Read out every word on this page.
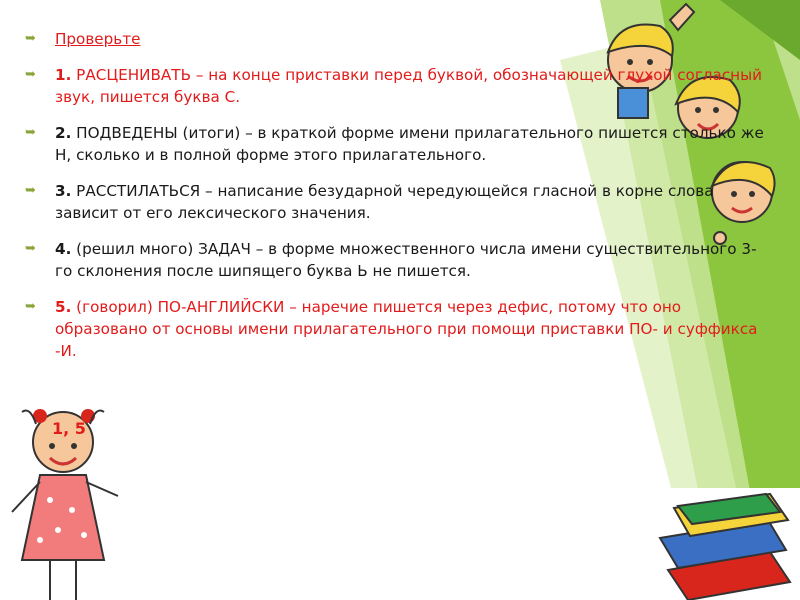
➥ Проверьте
➥ 1. РАСЦЕНИВАТЬ – на конце приставки перед буквой, обозначающей глухой согласный звук, пишется буква С.
➥ 2. ПОДВЕДЕНЫ (итоги) – в краткой форме имени прилагательного пишется столько же Н, сколько и в полной форме этого прилагательного.
➥ 3. РАССТИЛАТЬСЯ – написание безударной чередующейся гласной в корне слова зависит от его лексического значения.
➥ 4. (решил много) ЗАДАЧ – в форме множественного числа имени существительного 3-го склонения после шипящего буква Ь не пишется.
➥ 5. (говорил) ПО-АНГЛИЙСКИ – наречие пишется через дефис, потому что оно образовано от основы имени прилагательного при помощи приставки ПО- и суффикса -И.
1, 5
